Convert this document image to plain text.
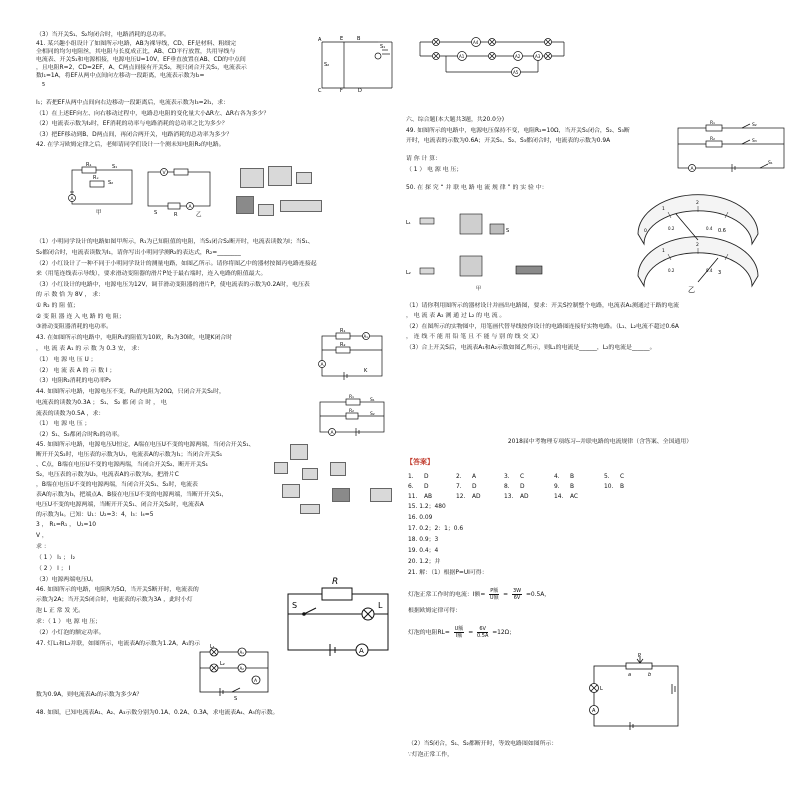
（3）当开关S₁、S₂均闭合时，电路消耗的总功率。
41. 某兴趣小组设计了如图所示电路，AB为裸导线，CD、EF是材料、粗细完
全相同的均匀电阻丝，其电阻与长度成正比，AB、CD平行放置，共用导线与
电流表、开关S₁和电源相接，电源电压U=10V，EF垂直放置在AB、CD的中点间
，且电阻R=2，CD=2EF，A、C两点间接有开关S₂，现只闭合开关S₁，电流表示
数I₁=1A，将EF从两中点间向左移动一段距离，电流表示数为I₂=
5
I₁；若把EF从两中点间向右边移动一段距离后，电流表示数为I₃=2I₁，求：
（1）在上述EF向左、向右移动过程中，电路总电阻的变化量大小ΔR左、ΔR右各为多少？
（2）电流表示数为I₂时，EF消耗的功率与电路消耗的总功率之比为多少？
（3）把EF移动到B、D两点间，再闭合两开关，电路消耗的总功率为多少？
42. 在学习欧姆定律之后，老师请同学们设计一个测未知电阻R₂的电路。
A	E	B
C	F	D
S₂
S₁
R₁	S₁
Rₓ
S₂
A
甲
V
A
S	R	乙
（1）小明同学设计的电路如图甲所示，R₁为已知阻值的电阻，当S₁闭合S₂断开时，电流表读数为I；当S₁、
S₂都闭合时，电流表读数为I₁，请你写出小明同学测R₂的表达式，R₂=________
（2）小红设计了一种不同于小明同学设计的测量电路，如图乙所示。请你将图乙中的器材按图丙电路连接起
来（用笔连线表示导线），要求滑动变阻器的滑片P处于最右端时，连入电路的阻值最大。
（3）小红设计的电路中，电源电压为12V，调节滑动变阻器的滑片P，使电流表的示数为0.2A时，电压表
的 示 数 恰 为 8V ， 求：
① R₂ 的 阻 值；
② 变 阻 器 连 入 电 路 的 电 阻；
③滑动变阻器消耗的电功率。
43. 在如图所示的电路中，电阻R₁的阻值为10欧，R₂为30欧，电键K闭合时
， 电 流 表 A₁ 的 示 数 为 0.3 安， 求：
（1） 电 源 电 压 U ；
（2） 电 流 表 A 的 示 数 I ；
（3）电阻R₂消耗的电功率P₂
R₁
R₂
A₁
A
K
44. 如图所示电路，电源电压不变，R₁的电阻为20Ω，只闭合开关S₁时，
电流表的读数为0.3A ； S₁、 S₂ 都 闭 合 时 ， 电
流表的读数为0.5A ，求：
（1） 电 源 电 压 ；
（2）S₁、S₂都闭合时R₂的功率。
R₁
R₂
S₁
S₂
A
45. 如图所示电路，电源电压U恒定，A端在电压U不变的电源两端，当闭合开关S₁、
断开开关S₂时，电压表的示数为U₁，电流表A的示数为I₁；当闭合开关S₁
、C点，B端在电压U不变的电源两端，当闭合开关S₂、断开开关S₁
S₂，电压表的示数为U₂，电流表A的示数为I₂，把滑片C
，B端在电压U不变的电源两端，当闭合开关S₁、S₂时，电流表
表A的示数为I₃，把端点A、B接在电压U不变的电源两端，当断开开关S₁，
电压U不变的电源两端，当断开开关S₁、闭合开关S₂时，电流表A
的示数为I₄。已知：U₁：U₂=3：4，I₃：I₄=5
3 ， R₁=R₁ ， U₁=10
V ，
求 ：
（ 1 ） I₁ ； I₂
（ 2 ） I ； I
（3）电源两端电压U。
46. 如图所示的电路，电阻R为5Ω，当开关S断开时，电流表的
示数为2A；当开关S闭合时，电流表的示数为3A ，此时小灯
泡 L 正 常 发 光。
求：（ 1 ） 电 源 电 压；
（2）小灯泡的额定功率。
R
S	L
A
47. 灯L₁和L₂并联，如图所示，电流表A的示数为1.2A，A₁的示 L₁
L₂
A₁
A₂
A
S
数为0.9A，则电流表A₂的示数为多少A？
48. 如图，已知电流表A₁、A₂、A₃示数分别为0.1A、0.2A、0.3A，求电流表A₄、A₅的示数。
A4
A1	A2	A3
A5
六、综合题(本大题共3题，共20.0分)
49. 如图所示的电路中，电源电压保持不变，电阻R₂=10Ω，当开关S₁闭合，S₂、S₃断
开时，电流表的示数为0.6A；开关S₁、S₂、S₃都闭合时，电流表的示数为0.9A
请 你 计 算：
（ 1 ） 电 源 电 压；
50. 在 探 究 “ 并 联 电 路 电 流 规 律 ” 的 实 验 中：
R₁
R₂
S₂
S₃
S₁
A
L₁
L₂
S
甲
1
2
0
0.2	0.4
1
2
0.2	0.4
0.6
3
乙
（1）请你利用图所示的器材设计并画出电路图，要求：开关S控制整个电路，电流表A₁测通过干路的电流
， 电 流 表 A₂ 测 通 过 L₂ 的 电 流 。
（2）在图所示的实物图中，用笔画代替导线按你设计的电路图连接好实物电路。（L₁、L₂电流不超过0.6A
， 连 线 不 能 用 铅 笔 且 不 能 与 别 的 线 交 叉）
（3）合上开关S后，电流表A₁和A₂示数如图乙所示，则L₁的电流是______，L₂的电流是______。
2018届中考物理专项练习--并联电路的电流规律（含答案、全国通用）
【答案】
1. D	2. A	3. C	4. B	5. C
6. D	7. D	8. D	9. B	10. B
11. AB	12. AD	13. AD	14. AC
15. 1.2；480
16. 0.09
17. 0.2；2：1；0.6
18. 0.9；3
19. 0.4；4
20. 1.2；并
21. 解：（1）根据P=UI可得：
灯泡正常工作时的电流：I额= $\frac{\text{P额}}{\text{U额}} = \frac{3W}{6V} =0.5A$，
根据欧姆定律可得：
灯泡的电阻$RL= \frac{\text{U额}}{\text{I额}} = \frac{6V}{0.5A} =12\Omega$；
P
a	b
L
A
（2）当S闭合，S₁、S₂都断开时，等效电路图如图所示：
∵灯泡正常工作，
